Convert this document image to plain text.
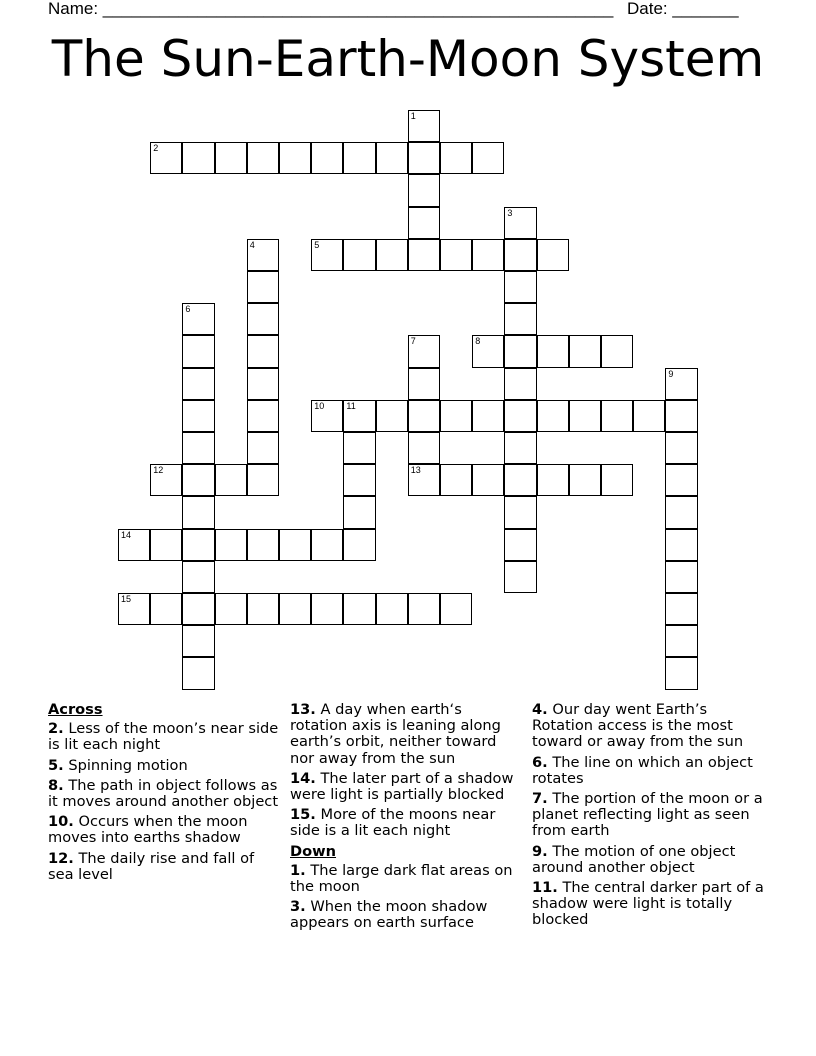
Name: ______________________________________________________ Date: _______
The Sun-Earth-Moon System
2
5
8
10 11
12	13
14
15
1
3
4
6
7
9

Across

2. Less of the moon’s near side is lit each night

5. Spinning motion

8. The path in object follows as it moves around another object

10. Occurs when the moon moves into earths shadow

12. The daily rise and fall of sea level

13. A day when earth‘s rotation axis is leaning along earth’s orbit, neither toward nor away from the sun

14. The later part of a shadow were light is partially blocked

15. More of the moons near side is a lit each night

Down

1. The large dark flat areas on the moon

3. When the moon shadow appears on earth surface

4. Our day went Earth’s Rotation access is the most toward or away from the sun

6. The line on which an object rotates

7. The portion of the moon or a planet reflecting light as seen from earth

9. The motion of one object around another object

11. The central darker part of a shadow were light is totally blocked
